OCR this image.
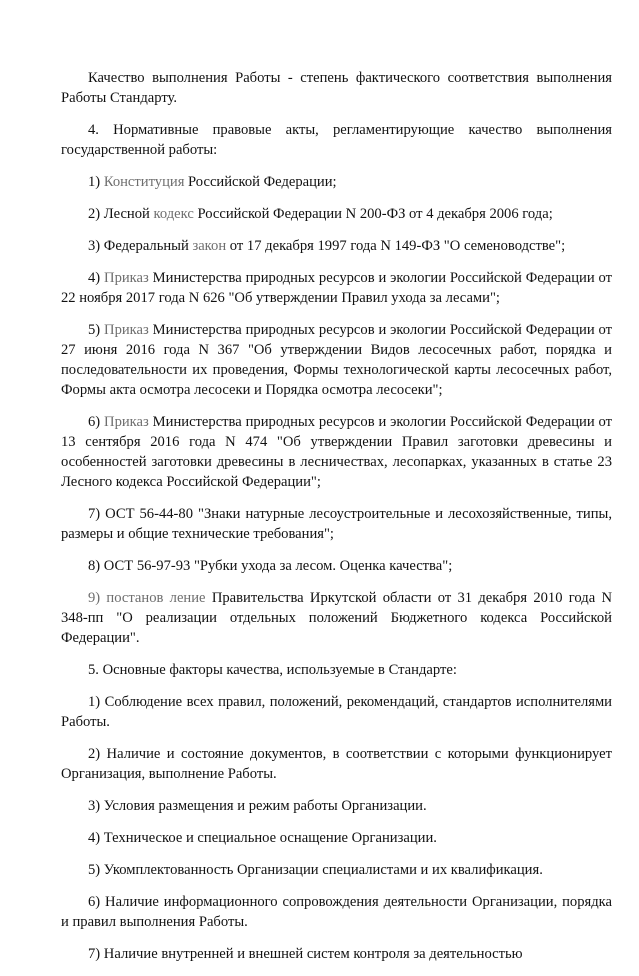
Качество выполнения Работы - степень фактического соответствия выполнения Работы Стандарту.

4. Нормативные правовые акты, регламентирующие качество выполнения государственной работы:

1) Конституция Российской Федерации;

2) Лесной кодекс Российской Федерации N 200-ФЗ от 4 декабря 2006 года;

3) Федеральный закон от 17 декабря 1997 года N 149-ФЗ "О семеноводстве";

4) Приказ Министерства природных ресурсов и экологии Российской Федерации от 22 ноября 2017 года N 626 "Об утверждении Правил ухода за лесами";

5) Приказ Министерства природных ресурсов и экологии Российской Федерации от 27 июня 2016 года N 367 "Об утверждении Видов лесосечных работ, порядка и последовательности их проведения, Формы технологической карты лесосечных работ, Формы акта осмотра лесосеки и Порядка осмотра лесосеки";

6) Приказ Министерства природных ресурсов и экологии Российской Федерации от 13 сентября 2016 года N 474 "Об утверждении Правил заготовки древесины и особенностей заготовки древесины в лесничествах, лесопарках, указанных в статье 23 Лесного кодекса Российской Федерации";

7) ОСТ 56-44-80 "Знаки натурные лесоустроительные и лесохозяйственные, типы, размеры и общие технические требования";

8) ОСТ 56-97-93 "Рубки ухода за лесом. Оценка качества";

9) постанов ление Правительства Иркутской области от 31 декабря 2010 года N 348-пп "О реализации отдельных положений Бюджетного кодекса Российской Федерации".

5. Основные факторы качества, используемые в Стандарте:

1) Соблюдение всех правил, положений, рекомендаций, стандартов исполнителями Работы.

2) Наличие и состояние документов, в соответствии с которыми функционирует Организация, выполнение Работы.

3) Условия размещения и режим работы Организации.

4) Техническое и специальное оснащение Организации.

5) Укомплектованность Организации специалистами и их квалификация.

6) Наличие информационного сопровождения деятельности Организации, порядка и правил выполнения Работы.

7) Наличие внутренней и внешней систем контроля за деятельностью
